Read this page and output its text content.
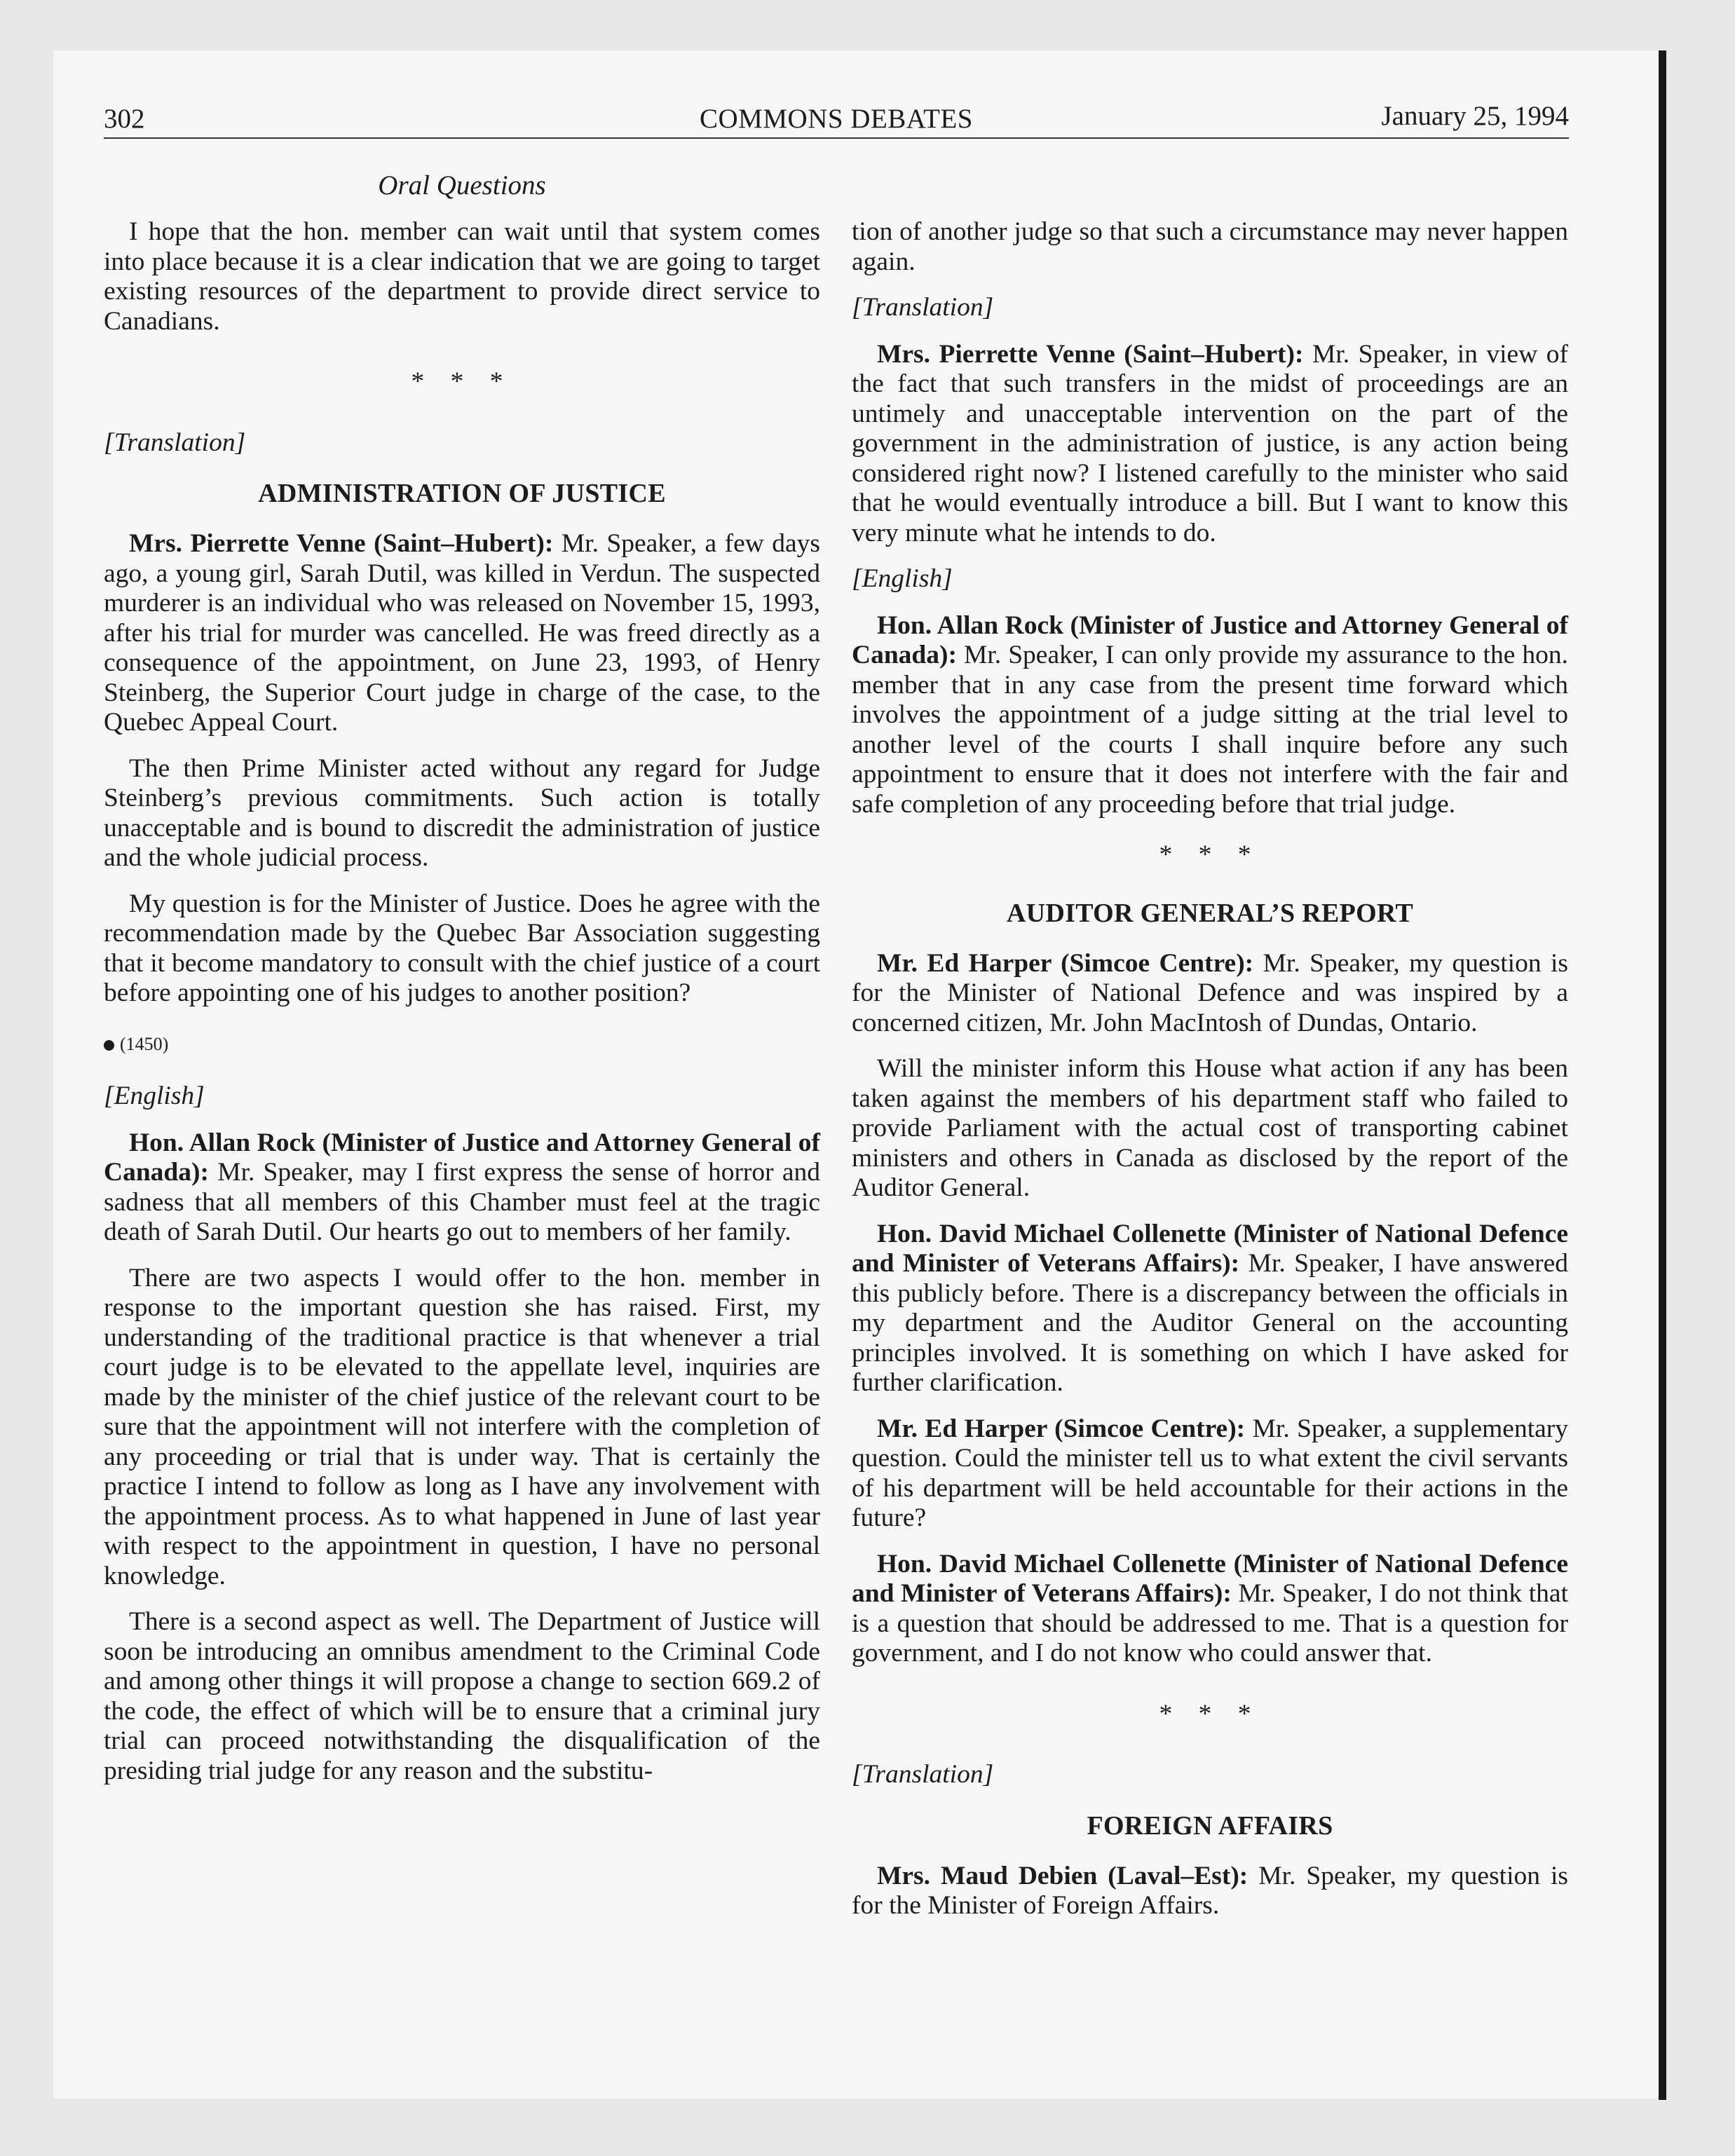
302	COMMONS DEBATES	January 25, 1994
Oral Questions

I hope that the hon. member can wait until that system comes into place because it is a clear indication that we are going to target existing resources of the department to provide direct service to Canadians.

* * *

[Translation]

ADMINISTRATION OF JUSTICE

Mrs. Pierrette Venne (Saint–Hubert): Mr. Speaker, a few days ago, a young girl, Sarah Dutil, was killed in Verdun. The suspected murderer is an individual who was released on November 15, 1993, after his trial for murder was cancelled. He was freed directly as a consequence of the appointment, on June 23, 1993, of Henry Steinberg, the Superior Court judge in charge of the case, to the Quebec Appeal Court.

The then Prime Minister acted without any regard for Judge Steinberg’s previous commitments. Such action is totally unacceptable and is bound to discredit the administration of justice and the whole judicial process.

My question is for the Minister of Justice. Does he agree with the recommendation made by the Quebec Bar Association suggesting that it become mandatory to consult with the chief justice of a court before appointing one of his judges to another position?

(1450)

[English]

Hon. Allan Rock (Minister of Justice and Attorney General of Canada): Mr. Speaker, may I first express the sense of horror and sadness that all members of this Chamber must feel at the tragic death of Sarah Dutil. Our hearts go out to members of her family.

There are two aspects I would offer to the hon. member in response to the important question she has raised. First, my understanding of the traditional practice is that whenever a trial court judge is to be elevated to the appellate level, inquiries are made by the minister of the chief justice of the relevant court to be sure that the appointment will not interfere with the completion of any proceeding or trial that is under way. That is certainly the practice I intend to follow as long as I have any involvement with the appointment process. As to what happened in June of last year with respect to the appointment in question, I have no personal knowledge.

There is a second aspect as well. The Department of Justice will soon be introducing an omnibus amendment to the Criminal Code and among other things it will propose a change to section 669.2 of the code, the effect of which will be to ensure that a criminal jury trial can proceed notwithstanding the disqualification of the presiding trial judge for any reason and the substitu-

tion of another judge so that such a circumstance may never happen again.

[Translation]

Mrs. Pierrette Venne (Saint–Hubert): Mr. Speaker, in view of the fact that such transfers in the midst of proceedings are an untimely and unacceptable intervention on the part of the government in the administration of justice, is any action being considered right now? I listened carefully to the minister who said that he would eventually introduce a bill. But I want to know this very minute what he intends to do.

[English]

Hon. Allan Rock (Minister of Justice and Attorney General of Canada): Mr. Speaker, I can only provide my assurance to the hon. member that in any case from the present time forward which involves the appointment of a judge sitting at the trial level to another level of the courts I shall inquire before any such appointment to ensure that it does not interfere with the fair and safe completion of any proceeding before that trial judge.

* * *

AUDITOR GENERAL’S REPORT

Mr. Ed Harper (Simcoe Centre): Mr. Speaker, my question is for the Minister of National Defence and was inspired by a concerned citizen, Mr. John MacIntosh of Dundas, Ontario.

Will the minister inform this House what action if any has been taken against the members of his department staff who failed to provide Parliament with the actual cost of transporting cabinet ministers and others in Canada as disclosed by the report of the Auditor General.

Hon. David Michael Collenette (Minister of National Defence and Minister of Veterans Affairs): Mr. Speaker, I have answered this publicly before. There is a discrepancy between the officials in my department and the Auditor General on the accounting principles involved. It is something on which I have asked for further clarification.

Mr. Ed Harper (Simcoe Centre): Mr. Speaker, a supplementary question. Could the minister tell us to what extent the civil servants of his department will be held accountable for their actions in the future?

Hon. David Michael Collenette (Minister of National Defence and Minister of Veterans Affairs): Mr. Speaker, I do not think that is a question that should be addressed to me. That is a question for government, and I do not know who could answer that.

* * *

[Translation]

FOREIGN AFFAIRS

Mrs. Maud Debien (Laval–Est): Mr. Speaker, my question is for the Minister of Foreign Affairs.
